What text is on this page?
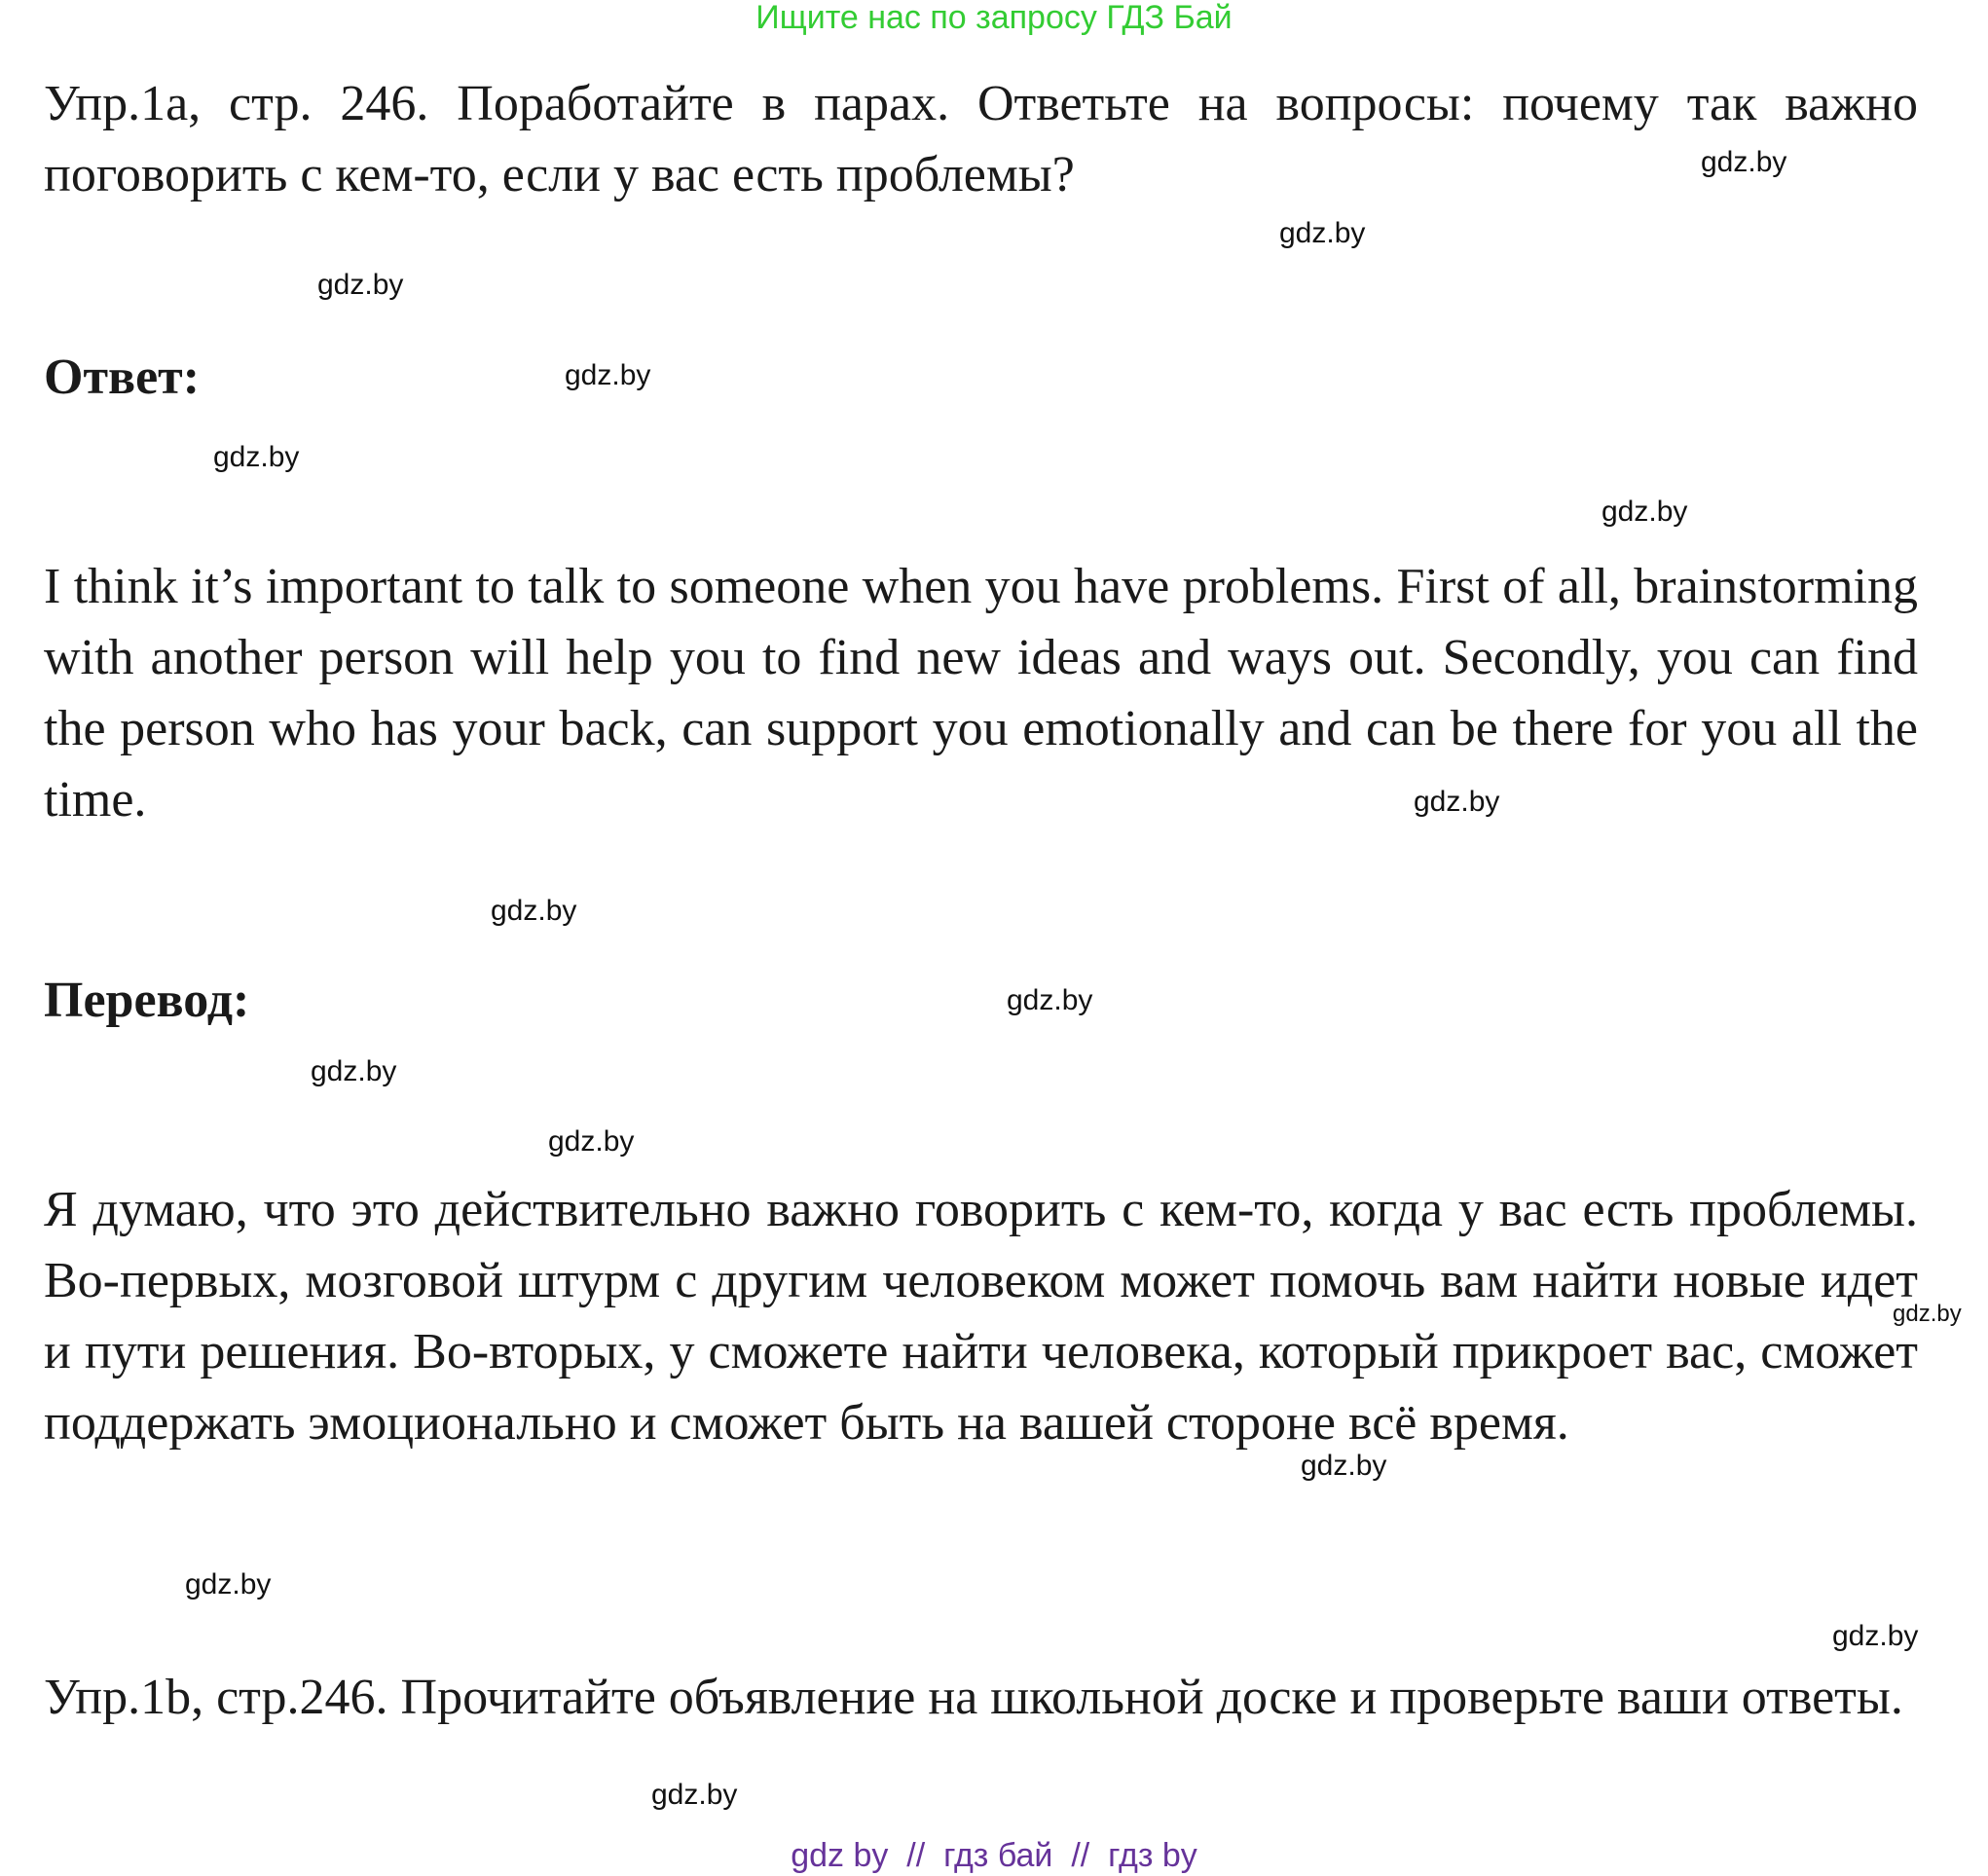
Ищите нас по запросу ГДЗ Бай

Упр.1a, стр. 246. Поработайте в парах. Ответьте на вопросы: почему так важно поговорить с кем-то, если у вас есть проблемы?

Ответ:

I think it’s important to talk to someone when you have problems. First of all, brainstorming with another person will help you to find new ideas and ways out. Secondly, you can find the person who has your back, can support you emotionally and can be there for you all the time.

Перевод:

Я думаю, что это действительно важно говорить с кем-то, когда у вас есть проблемы. Во-первых, мозговой штурм с другим человеком может помочь вам найти новые идет и пути решения. Во-вторых, у сможете найти человека, который прикроет вас, сможет поддержать эмоционально и сможет быть на вашей стороне всё время.

Упр.1b, стр.246. Прочитайте объявление на школьной доске и проверьте ваши ответы.

gdz.by
gdz.by
gdz.by
gdz.by
gdz.by
gdz.by
gdz.by
gdz.by
gdz.by
gdz.by
gdz.by
gdz.by
gdz.by
gdz.by
gdz.by
gdz.by
gdz by  //  гдз бай  //  гдз by
